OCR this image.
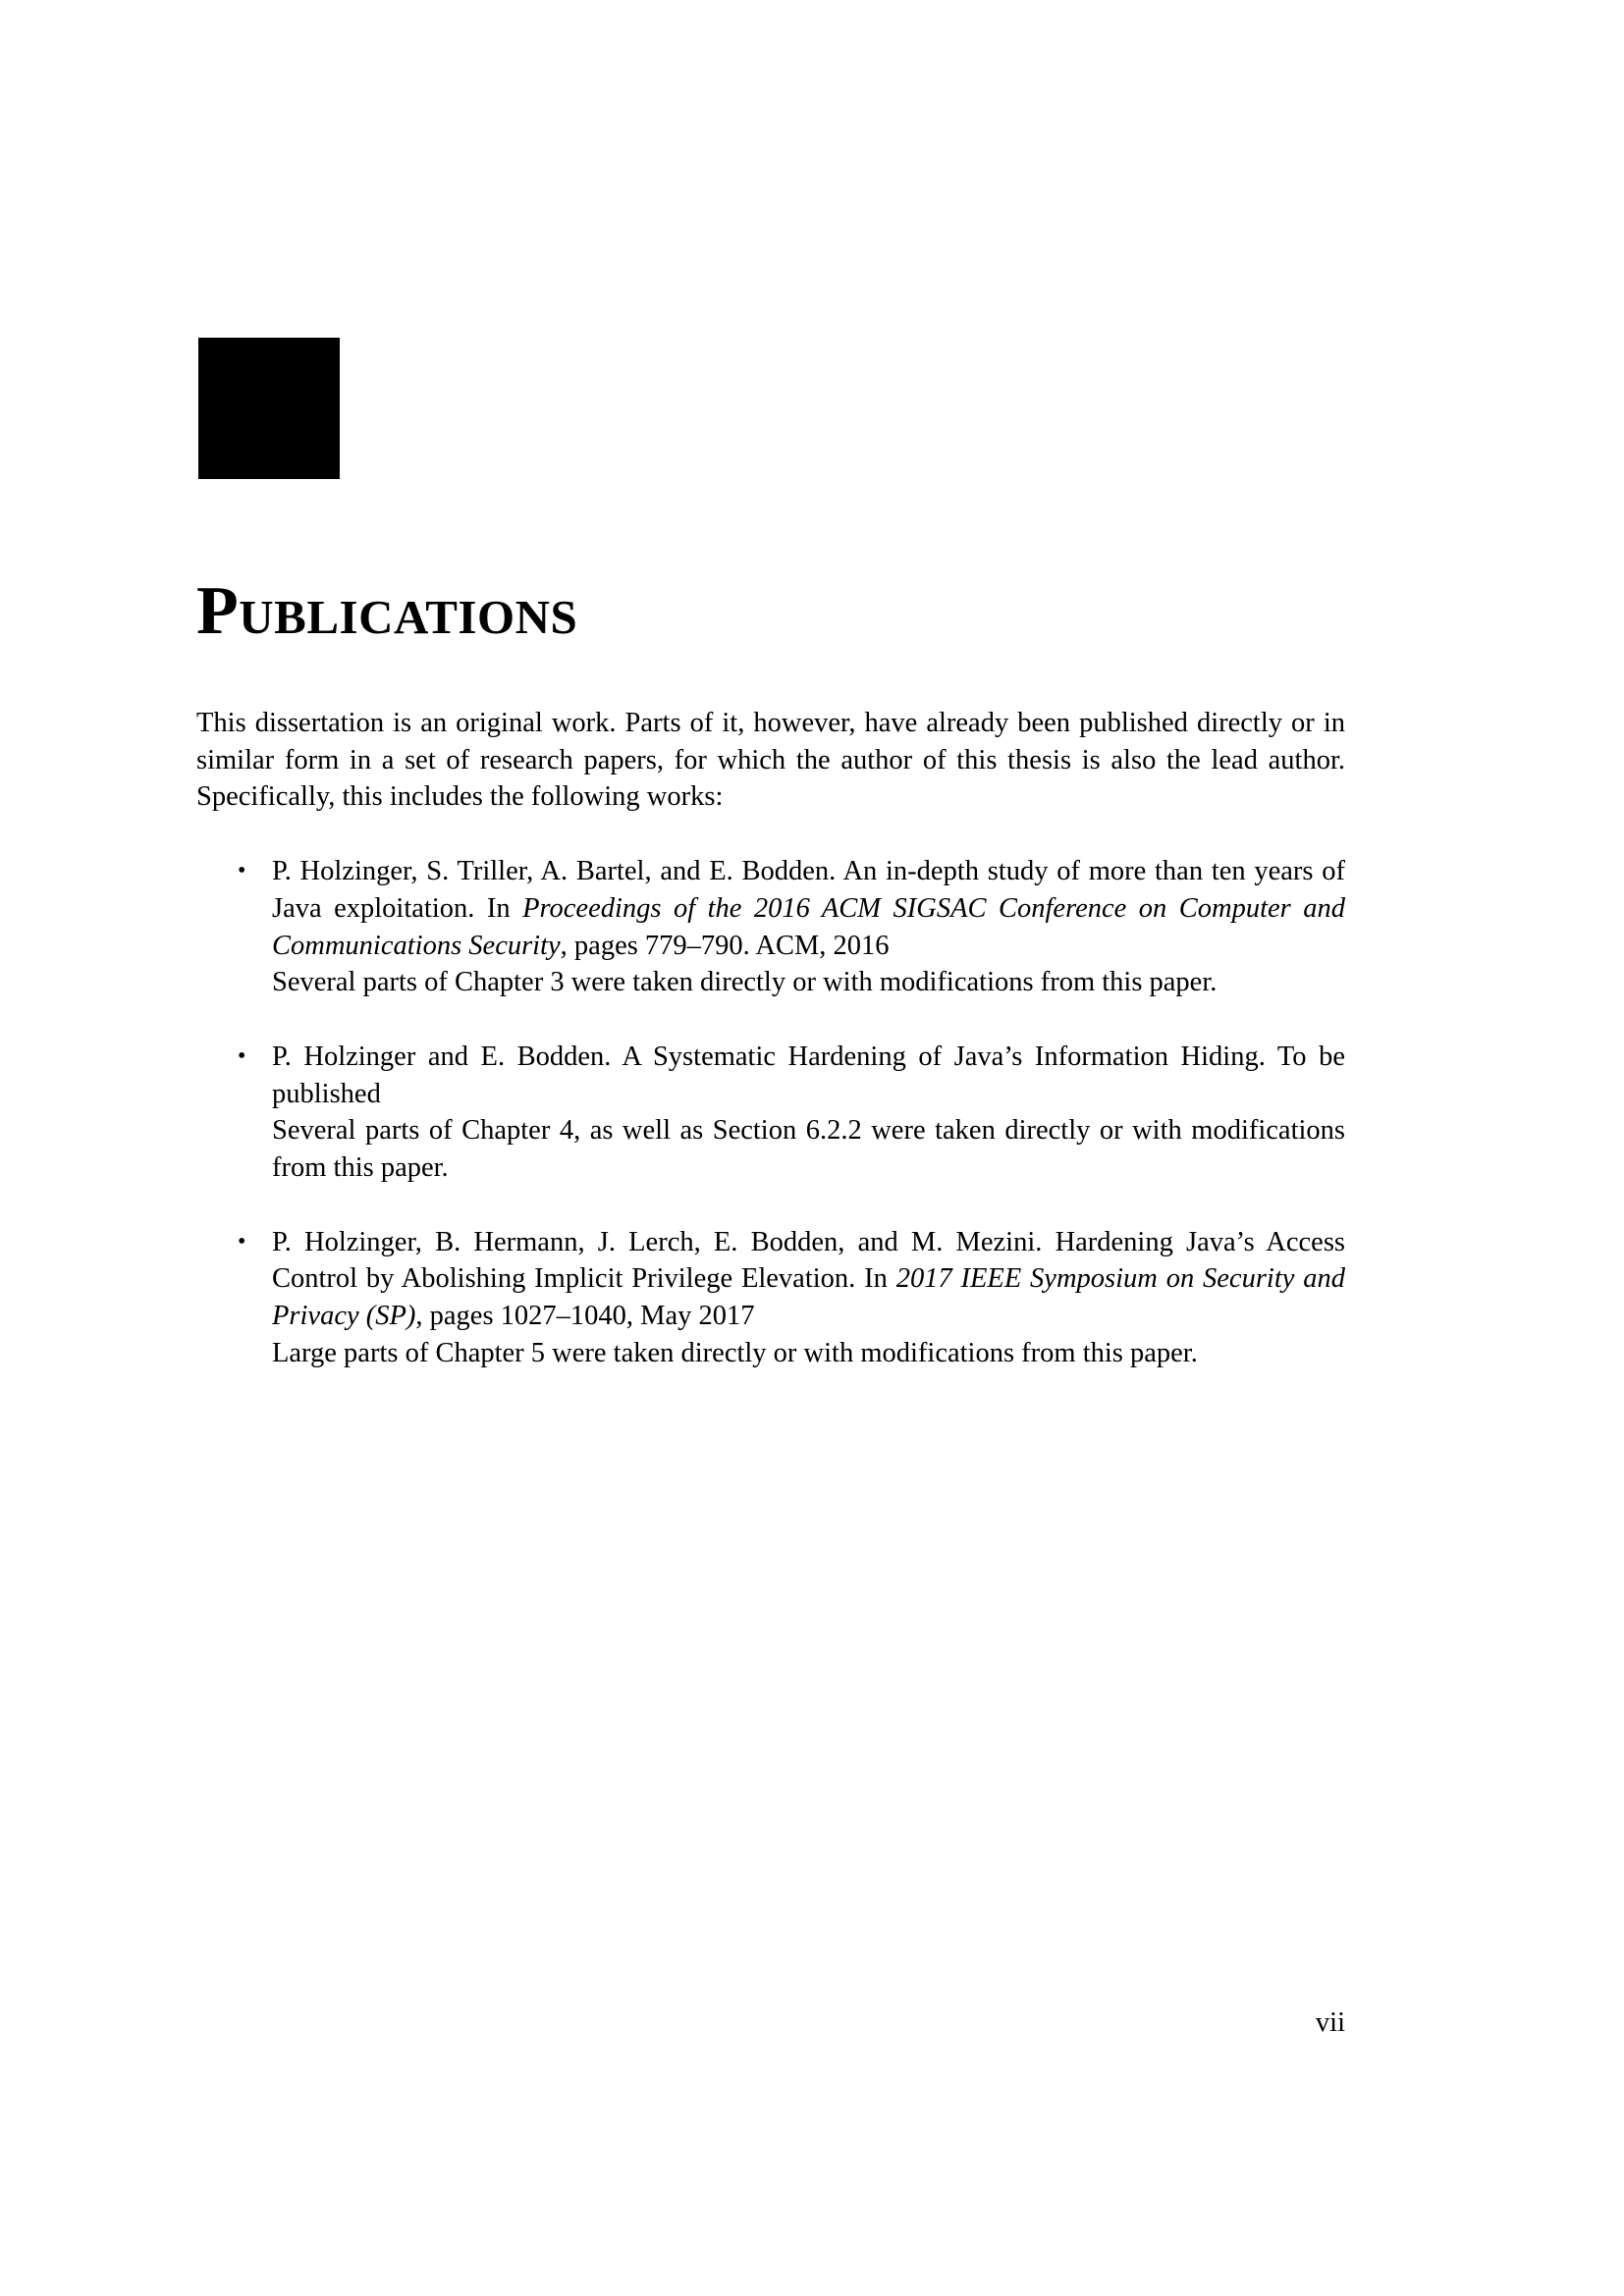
Publications

This dissertation is an original work. Parts of it, however, have already been published directly or in similar form in a set of research papers, for which the author of this thesis is also the lead author. Specifically, this includes the following works:

• P. Holzinger, S. Triller, A. Bartel, and E. Bodden. An in-depth study of more than ten years of Java exploitation. In Proceedings of the 2016 ACM SIGSAC Conference on Computer and Communications Security, pages 779–790. ACM, 2016
Several parts of Chapter 3 were taken directly or with modifications from this paper.
• P. Holzinger and E. Bodden. A Systematic Hardening of Java’s Information Hiding. To be published
Several parts of Chapter 4, as well as Section 6.2.2 were taken directly or with modifications from this paper.
• P. Holzinger, B. Hermann, J. Lerch, E. Bodden, and M. Mezini. Hardening Java’s Access Control by Abolishing Implicit Privilege Elevation. In 2017 IEEE Symposium on Security and Privacy (SP), pages 1027–1040, May 2017
Large parts of Chapter 5 were taken directly or with modifications from this paper.
vii
